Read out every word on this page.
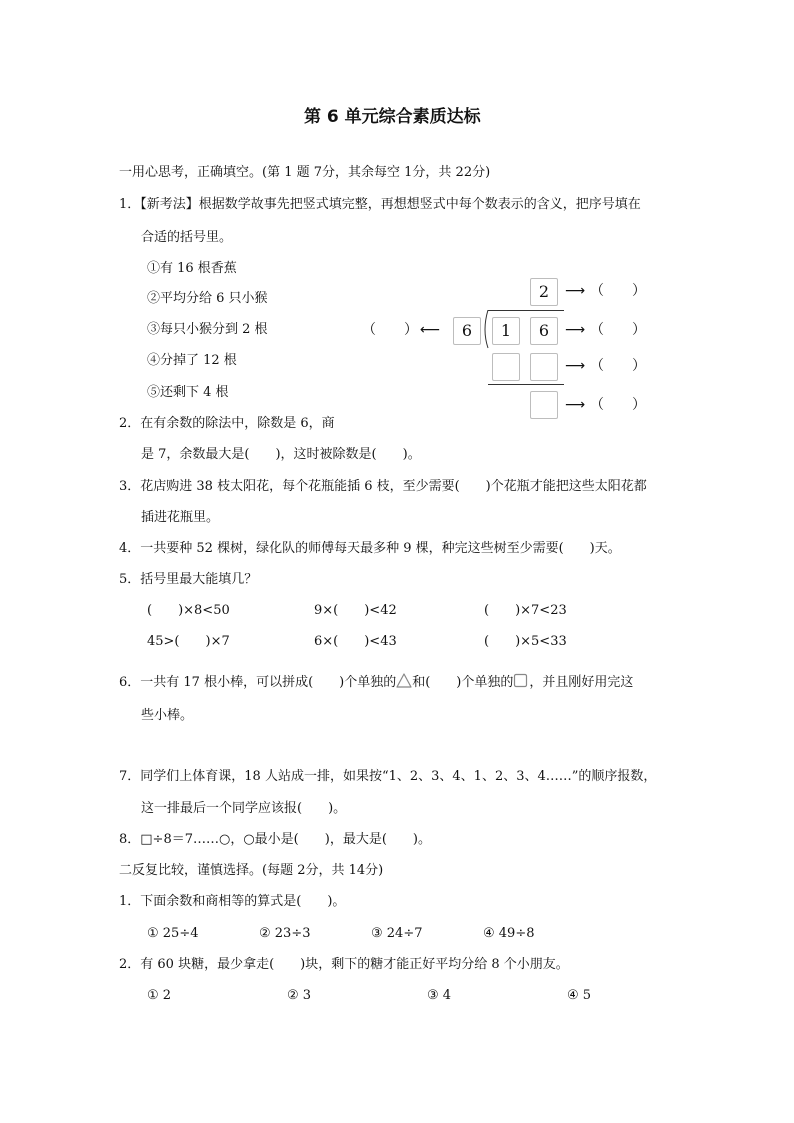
第 6 单元综合素质达标
一用心思考，正确填空。(第 1 题 7分，其余每空 1分，共 22分)
1．【新考法】根据数学故事先把竖式填完整，再想想竖式中每个数表示的含义，把序号填在
合适的括号里。
①有 16 根香蕉
②平均分给 6 只小猴
③每只小猴分到 2 根
④分掉了 12 根
⑤还剩下 4 根
2
6	1	6
（　　） ⟵
⟶ （　　）
⟶ （　　）
⟶ （　　）
⟶ （　　）
2．在有余数的除法中，除数是 6，商
是 7，余数最大是(　　)，这时被除数是(　　)。
3．花店购进 38 枝太阳花，每个花瓶能插 6 枝，至少需要(　　)个花瓶才能把这些太阳花都
插进花瓶里。
4．一共要种 52 棵树，绿化队的师傅每天最多种 9 棵，种完这些树至少需要(　　)天。
5．括号里最大能填几？
(　　)×8<50	9×(　　)<42	(　　)×7<23
45>(　　)×7	6×(　　)<43	(　　)×5<33
6．一共有 17 根小棒，可以拼成(　　)个单独的 和(　　)个单独的 ，并且刚好用完这
些小棒。
7．同学们上体育课，18 人站成一排，如果按“1、2、3、4、1、2、3、4……”的顺序报数，
这一排最后一个同学应该报(　　)。
8．□÷8＝7……○，○最小是(　　)，最大是(　　)。
二反复比较，谨慎选择。(每题 2分，共 14分)
1．下面余数和商相等的算式是(　　)。
① 25÷4	② 23÷3	③ 24÷7	④ 49÷8
2．有 60 块糖，最少拿走(　　)块，剩下的糖才能正好平均分给 8 个小朋友。
① 2	② 3	③ 4	④ 5
